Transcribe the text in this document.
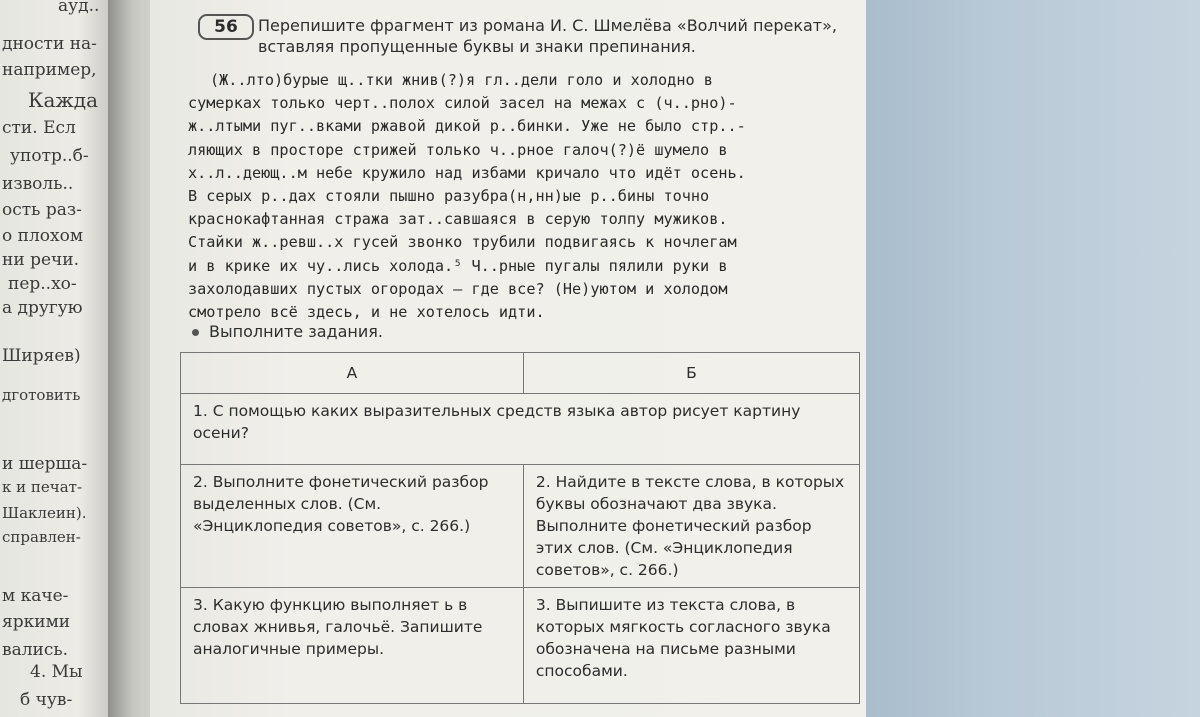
ауд..
дности на-
например,
Кажда
сти. Есл
употр..б-
изволь..
ость раз-
о плохом
ни речи.
пер..хо-
а другую
Ширяев)
дготовить
и шерша-
к и печат-
Шаклеин).
справлен-
м каче-
яркими
вались.
4. Мы
б чув-
56	Перепишите фрагмент из романа И. С. Шмелёва «Волчий перекат», вставляя пропущенные буквы и знаки препинания.
(Ж..лто)бурые щ..тки жнив(?)я гл..дели голо и холодно в
сумерках только черт..полох силой засел на межах с (ч..рно)-
ж..лтыми пуг..вками ржавой дикой р..бинки. Уже не было стр..-
ляющих в просторе стрижей только ч..рное галоч(?)ё шумело в
х..л..деющ..м небе кружило над избами кричало что идёт осень.
В серых р..дах стояли пышно разубра(н,нн)ые р..бины точно
краснокафтанная стража зат..савшаяся в серую толпу мужиков.
Стайки ж..ревш..х гусей звонко трубили подвигаясь к ночлегам
и в крике их чу..лись холода.⁵ Ч..рные пугалы пялили руки в
захолодавших пустых огородах — где все? (Не)уютом и холодом
смотрело всё здесь, и не хотелось идти.
Выполните задания.
А	Б
1. С помощью каких выразительных средств языка автор рисует картину осени?	
2. Выполните фонетический разбор выделенных слов. (См. «Энциклопедия советов», с. 266.)	2. Найдите в тексте слова, в которых буквы обозначают два звука. Выполните фонетический разбор этих слов. (См. «Энциклопедия советов», с. 266.)
3. Какую функцию выполняет ь в словах жнивья, галочьё. Запишите аналогичные примеры.	3. Выпишите из текста слова, в которых мягкость согласного звука обозначена на письме разными способами.
